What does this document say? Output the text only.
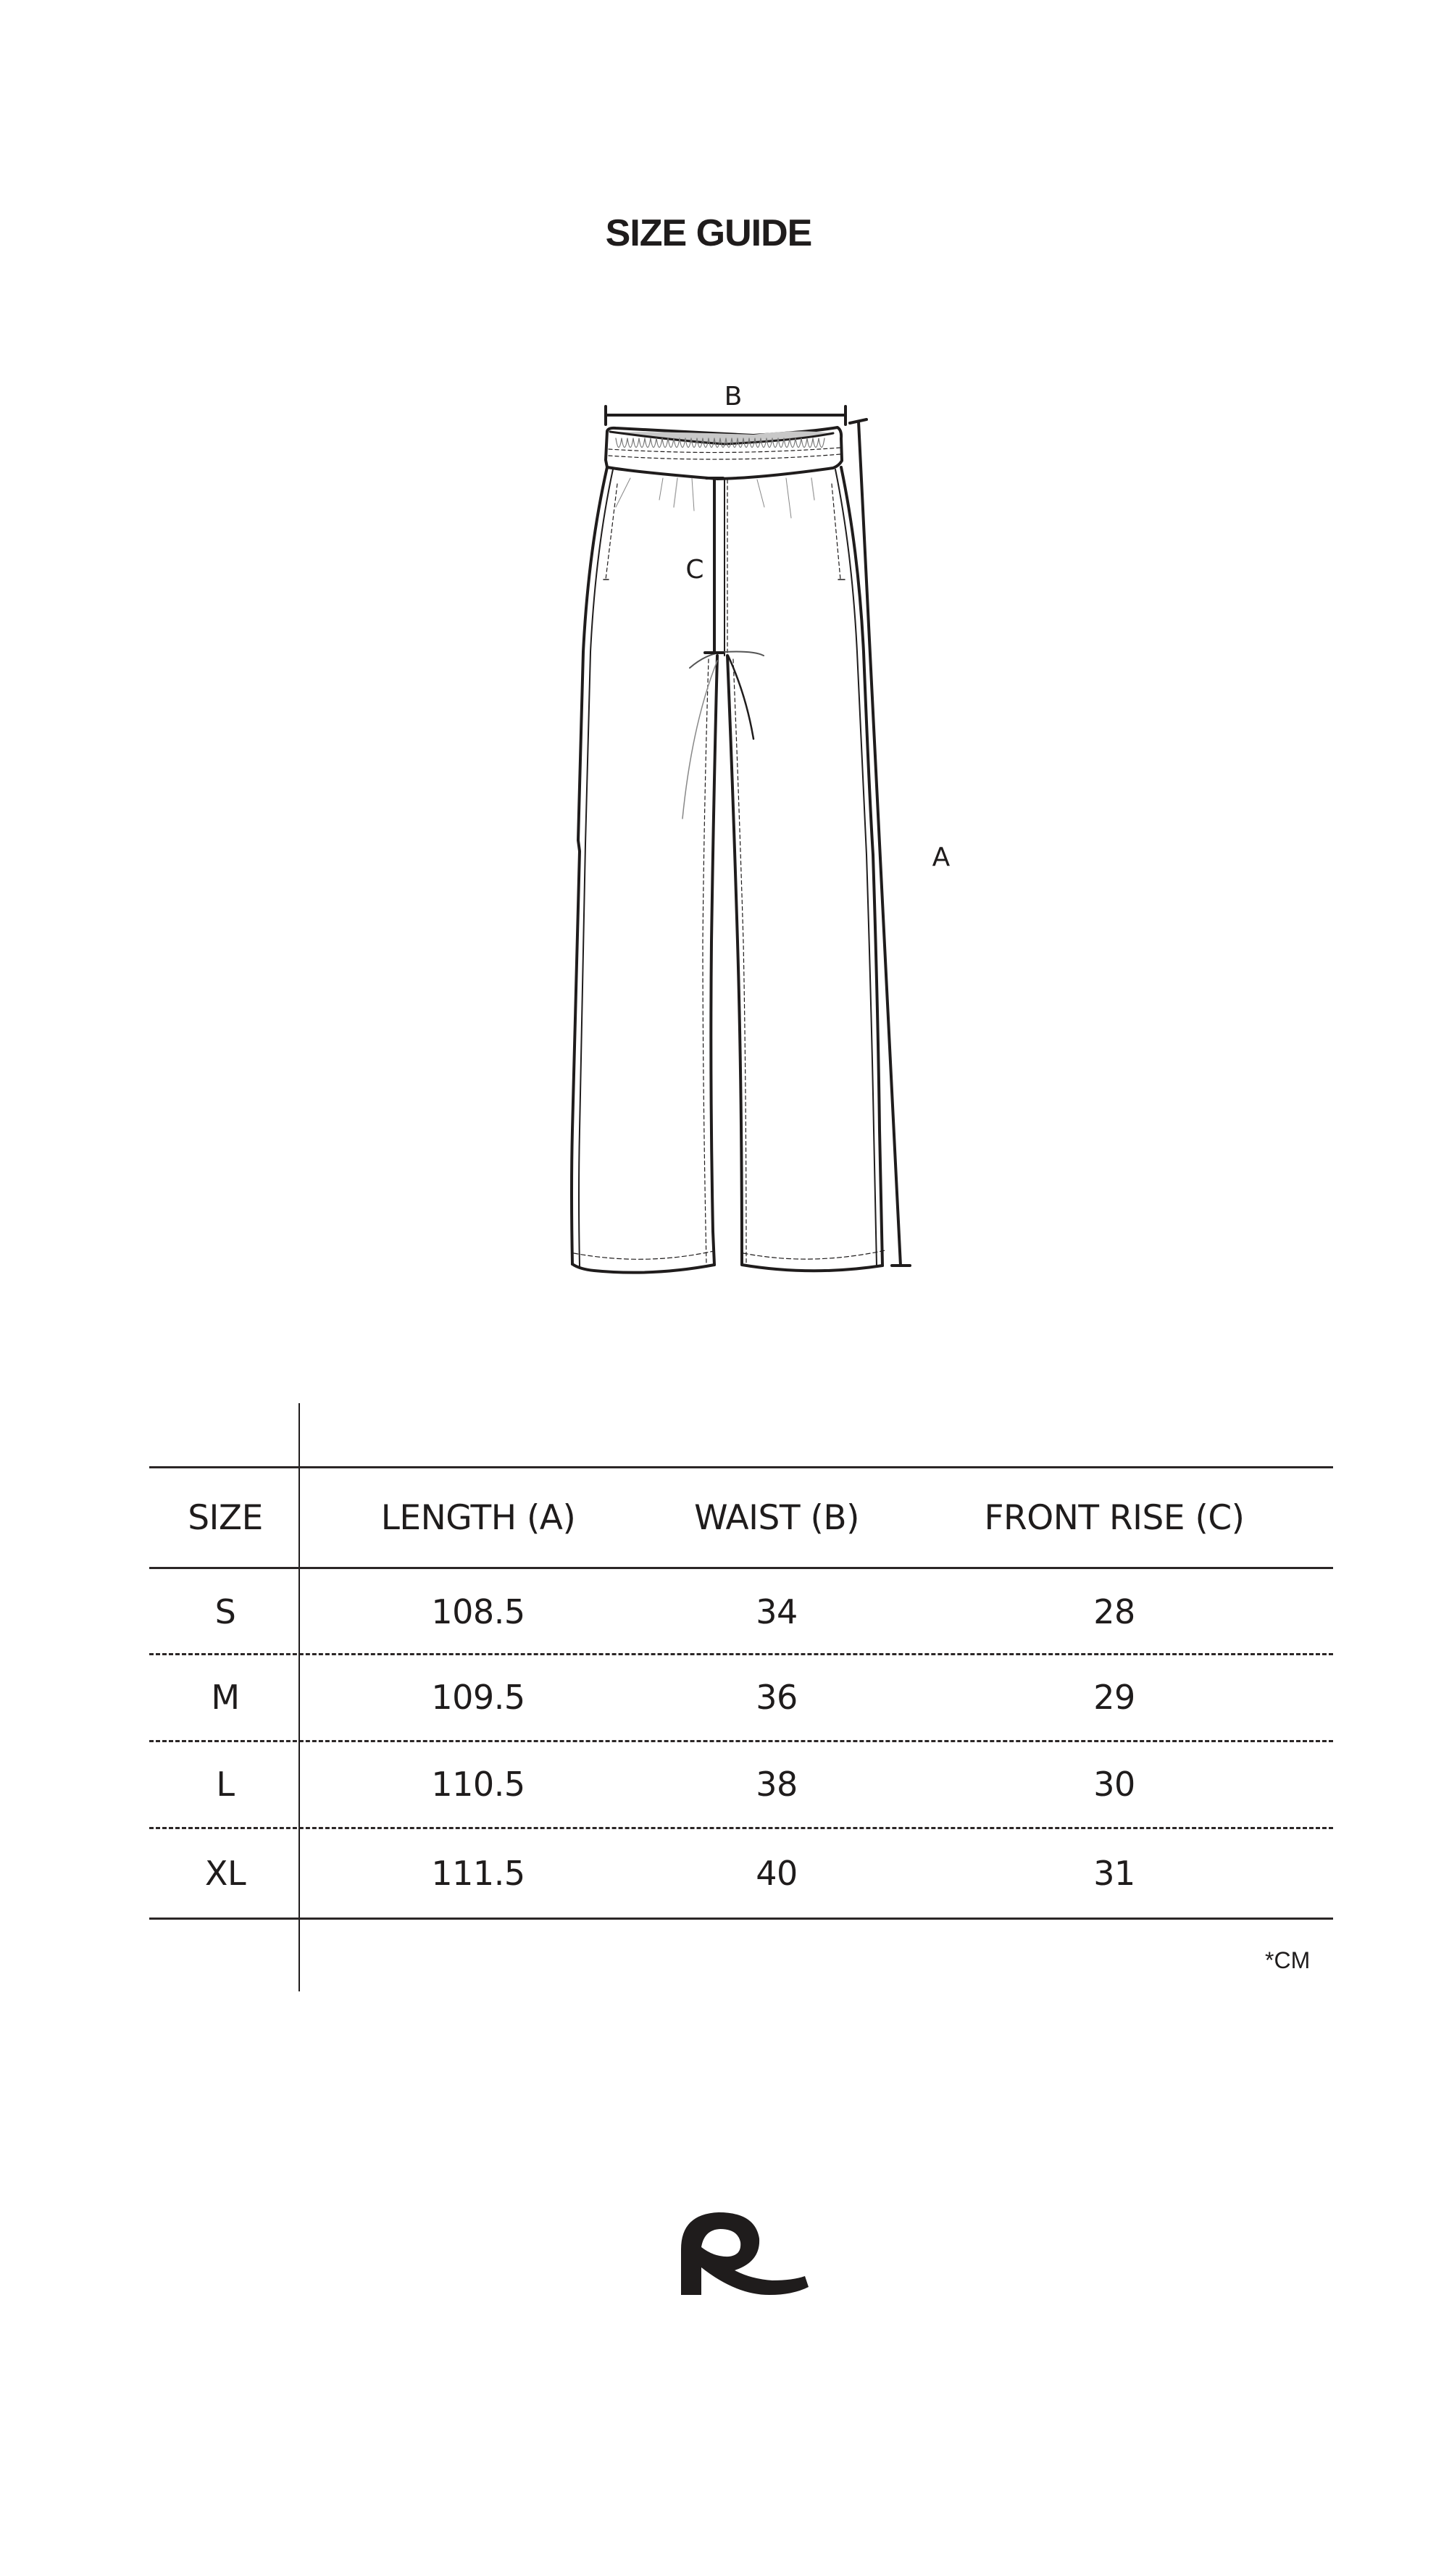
SIZE GUIDE
B
C
A
SIZE	LENGTH (A)	WAIST (B)	FRONT RISE (C)
S	108.5	34	28
M	109.5	36	29
L	110.5	38	30
XL	111.5	40	31
*CM
